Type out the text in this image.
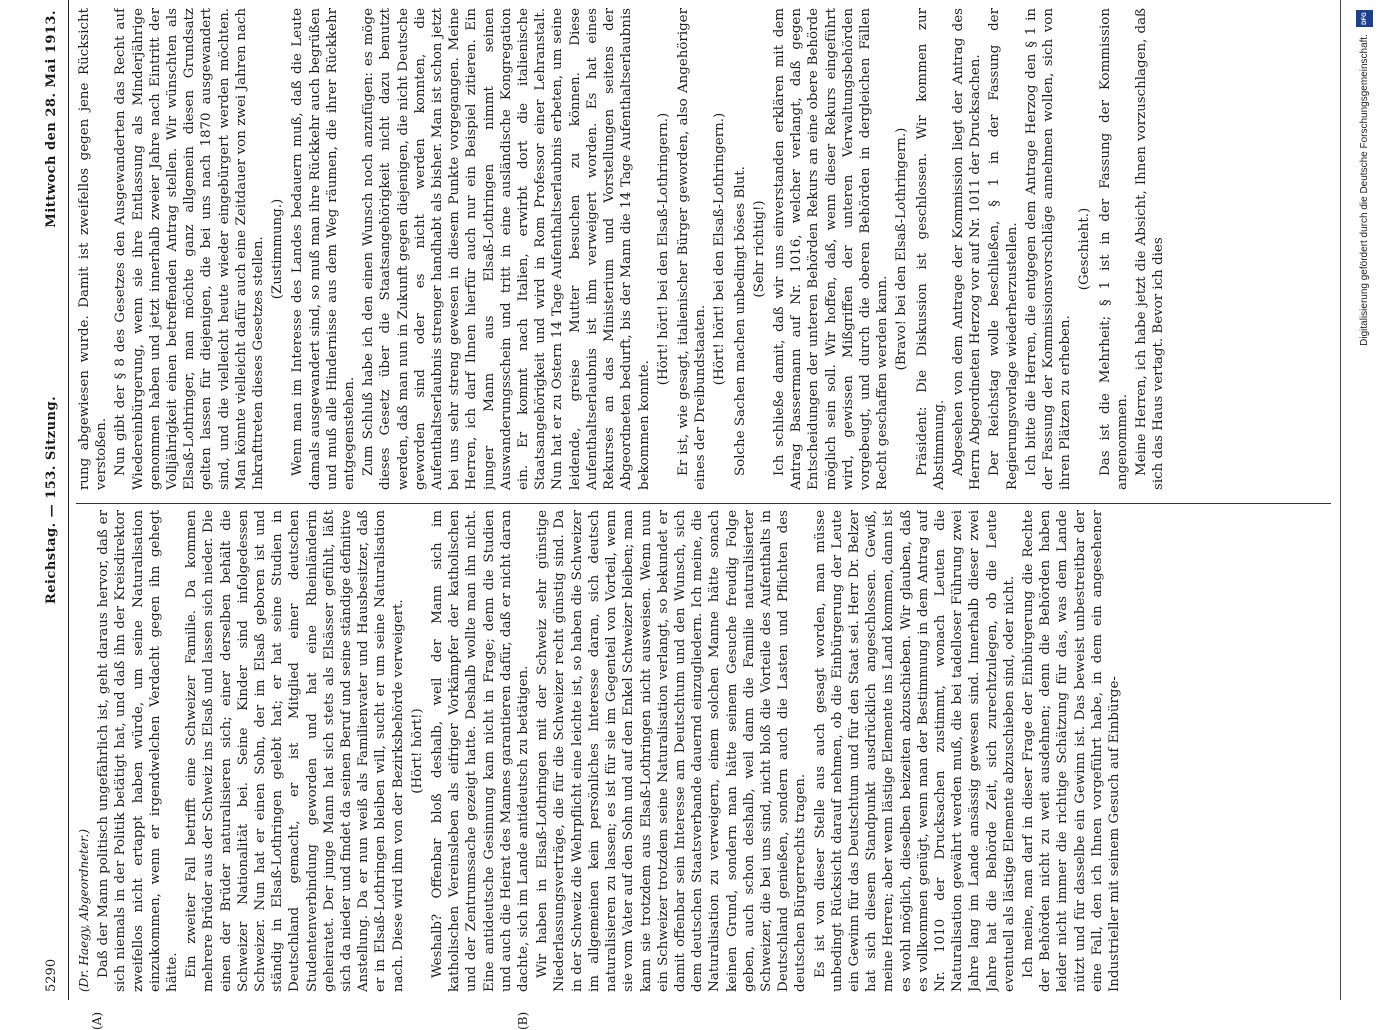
5290
Reichstag. — 153. Sitzung.
Mittwoch den 28. Mai 1913.
(A)	(B)

(Dr. Haegy, Abgeordneter.) Daß der Mann politisch ungefährlich ist, geht daraus hervor, daß er sich niemals in der Politik betätigt hat, und daß ihn der Kreisdirektor zweifellos nicht ertappt haben würde, um seine Naturalisation einzukommen, wenn er irgendwelchen Verdacht gegen ihn gehegt hätte. Ein zweiter Fall betrifft eine Schweizer Familie. Da kommen mehrere Brüder aus der Schweiz ins Elsaß und lassen sich nieder. Die einen der Brüder naturalisieren sich; einer derselben behält die Schweizer Nationalität bei. Seine Kinder sind infolgedessen Schweizer. Nun hat er einen Sohn, der im Elsaß geboren ist und ständig in Elsaß-Lothringen gelebt hat; er hat seine Studien in Deutschland gemacht, er ist Mitglied einer deutschen Studentenverbindung geworden und hat eine Rheinländerin geheiratet. Der junge Mann hat sich stets als Elsässer gefühlt, läßt sich da nieder und findet da seinen Beruf und seine ständige definitive Anstellung. Da er nun weiß als Familienvater und Hausbesitzer, daß er in Elsaß-Lothringen bleiben will, sucht er um seine Naturalisation nach. Diese wird ihm von der Bezirksbehörde verweigert. (Hört! hört!) Weshalb? Offenbar bloß deshalb, weil der Mann sich im katholischen Vereinsleben als eifriger Vorkämpfer der katholischen und der Zentrumssache gezeigt hatte. Deshalb wollte man ihn nicht. Eine antideutsche Gesinnung kam nicht in Frage; denn die Studien und auch die Heirat des Mannes garantieren dafür, daß er nicht daran dachte, sich im Lande antideutsch zu betätigen. Wir haben in Elsaß-Lothringen mit der Schweiz sehr günstige Niederlassungsverträge, die für die Schweizer recht günstig sind. Da in der Schweiz die Wehrpflicht eine leichte ist, so haben die Schweizer im allgemeinen kein persönliches Interesse daran, sich deutsch naturalisieren zu lassen; es ist für sie im Gegenteil von Vorteil, wenn sie vom Vater auf den Sohn und auf den Enkel Schweizer bleiben; man kann sie trotzdem aus Elsaß-Lothringen nicht ausweisen. Wenn nun ein Schweizer trotzdem seine Naturalisation verlangt, so bekundet er damit offenbar sein Interesse am Deutschtum und den Wunsch, sich dem deutschen Staatsverbande dauernd einzugliedern. Ich meine, die Naturalisation zu verweigern, einem solchen Manne hätte sonach keinen Grund, sondern man hätte seinem Gesuche freudig Folge geben, auch schon deshalb, weil dann die Familie naturalisierter Schweizer, die bei uns sind, nicht bloß die Vorteile des Aufenthalts in Deutschland genießen, sondern auch die Lasten und Pflichten des deutschen Bürgerrechts tragen. Es ist von dieser Stelle aus auch gesagt worden, man müsse unbedingt Rücksicht darauf nehmen, ob die Einbürgerung der Leute ein Gewinn für das Deutschtum und für den Staat sei. Herr Dr. Belzer hat sich diesem Standpunkt ausdrücklich angeschlossen. Gewiß, meine Herren; aber wenn lästige Elemente ins Land kommen, dann ist es wohl möglich, dieselben beizeiten abzuschieben. Wir glauben, daß es vollkommen genügt, wenn man der Bestimmung in dem Antrag auf Nr. 1010 der Drucksachen zustimmt, wonach Leuten die Naturalisation gewährt werden muß, die bei tadelloser Führung zwei Jahre lang im Lande ansässig gewesen sind. Innerhalb dieser zwei Jahre hat die Behörde Zeit, sich zurechtzulegen, ob die Leute eventuell als lästige Elemente abzuschieben sind, oder nicht. Ich meine, man darf in dieser Frage der Einbürgerung die Rechte der Behörden nicht zu weit ausdehnen; denn die Behörden haben leider nicht immer die richtige Schätzung für das, was dem Lande nützt und für dasselbe ein Gewinn ist. Das beweist unbestreitbar der eine Fall, den ich Ihnen vorgeführt habe, in dem ein angesehener Industrieller mit seinem Gesuch auf Einbürge-

rung abgewiesen wurde. Damit ist zweifellos gegen jene Rücksicht verstoßen. Nun gibt der § 8 des Gesetzes den Ausgewanderten das Recht auf Wiedereinbürgerung, wenn sie ihre Entlassung als Minderjährige genommen haben und jetzt innerhalb zweier Jahre nach Eintritt der Volljährigkeit einen betreffenden Antrag stellen. Wir wünschten als Elsaß-Lothringer, man möchte ganz allgemein diesen Grundsatz gelten lassen für diejenigen, die bei uns nach 1870 ausgewandert sind, und die vielleicht heute wieder eingebürgert werden möchten. Man könnte vielleicht dafür auch eine Zeitdauer von zwei Jahren nach Inkrafttreten dieses Gesetzes stellen. (Zustimmung.) Wenn man im Interesse des Landes bedauern muß, daß die Leute damals ausgewandert sind, so muß man ihre Rückkehr auch begrüßen und muß alle Hindernisse aus dem Weg räumen, die ihrer Rückkehr entgegenstehen. Zum Schluß habe ich den einen Wunsch noch anzufügen: es möge dieses Gesetz über die Staatsangehörigkeit nicht dazu benutzt werden, daß man nun in Zukunft gegen diejenigen, die nicht Deutsche geworden sind oder es nicht werden konnten, die Aufenthaltserlaubnis strenger handhabt als bisher. Man ist schon jetzt bei uns sehr streng gewesen in diesem Punkte vorgegangen. Meine Herren, ich darf Ihnen hierfür auch nur ein Beispiel zitieren. Ein junger Mann aus Elsaß-Lothringen nimmt seinen Auswanderungsschein und tritt in eine ausländische Kongregation ein. Er kommt nach Italien, erwirbt dort die italienische Staatsangehörigkeit und wird in Rom Professor einer Lehranstalt. Nun hat er zu Ostern 14 Tage Aufenthaltserlaubnis erbeten, um seine leidende, greise Mutter besuchen zu können. Diese Aufenthaltserlaubnis ist ihm verweigert worden. Es hat eines Rekurses an das Ministerium und Vorstellungen seitens der Abgeordneten bedurft, bis der Mann die 14 Tage Aufenthaltserlaubnis bekommen konnte.

(Hört! hört! bei den Elsaß-Lothringern.) Er ist, wie gesagt, italienischer Bürger geworden, also Angehöriger eines der Dreibundstaaten.

(Hört! hört! bei den Elsaß-Lothringern.) Solche Sachen machen unbedingt böses Blut. (Sehr richtig!) Ich schließe damit, daß wir uns einverstanden erklären mit dem Antrag Bassermann auf Nr. 1016, welcher verlangt, daß gegen Entscheidungen der unteren Behörden Rekurs an eine obere Behörde möglich sein soll. Wir hoffen, daß, wenn dieser Rekurs eingeführt wird, gewissen Mißgriffen der unteren Verwaltungsbehörden vorgebeugt, und durch die oberen Behörden in dergleichen Fällen Recht geschaffen werden kann.

(Bravo! bei den Elsaß-Lothringern.) Präsident: Die Diskussion ist geschlossen. Wir kommen zur Abstimmung. Abgesehen von dem Antrage der Kommission liegt der Antrag des Herrn Abgeordneten Herzog vor auf Nr. 1011 der Drucksachen. Der Reichstag wolle beschließen, § 1 in der Fassung der Regierungsvorlage wiederherzustellen. Ich bitte die Herren, die entgegen dem Antrage Herzog den § 1 in der Fassung der Kommissionsvorschläge annehmen wollen, sich von ihren Plätzen zu erheben.

(Geschieht.) Das ist die Mehrheit; § 1 ist in der Fassung der Kommission angenommen. Meine Herren, ich habe jetzt die Absicht, Ihnen vorzuschlagen, daß sich das Haus vertagt. Bevor ich dies

DFG
Digitalisierung gefördert durch die Deutsche Forschungsgemeinschaft.
